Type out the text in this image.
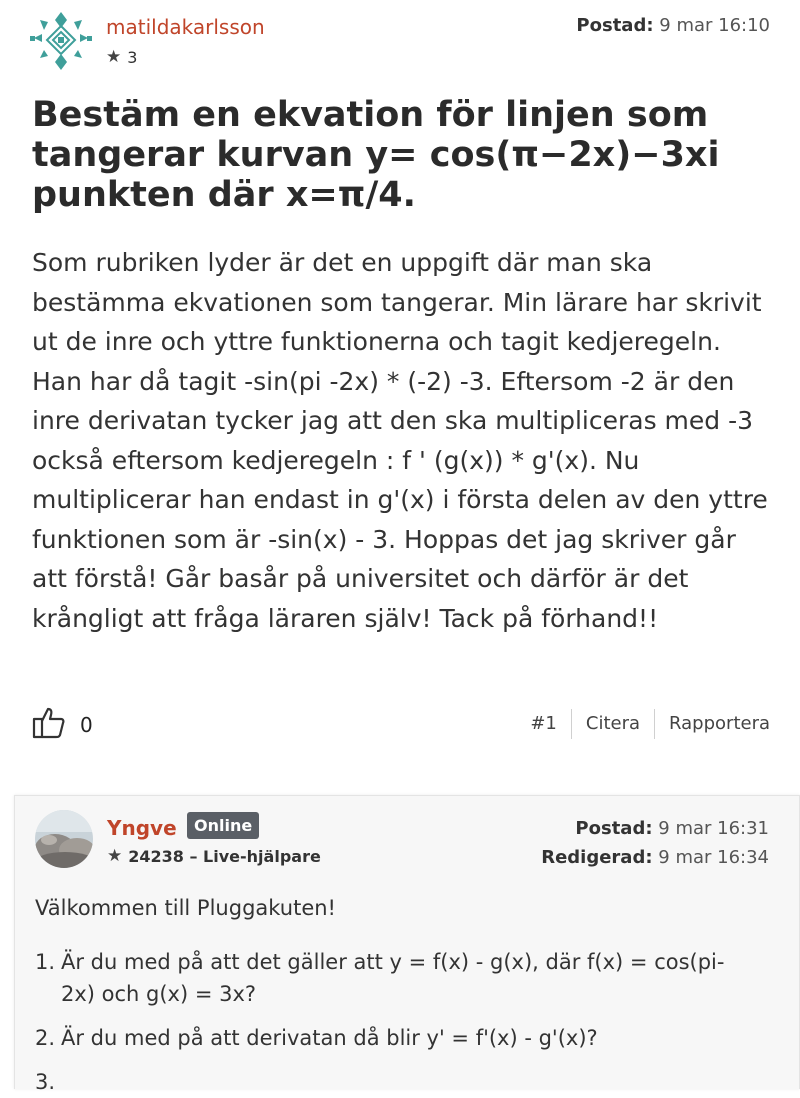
matildakarlsson
★ 3
Postad: 9 mar 16:10
Bestäm en ekvation för linjen som tangerar kurvan y= cos(π−2x)−3xi punkten där x=π/4.

Som rubriken lyder är det en uppgift där man ska bestämma ekvationen som tangerar. Min lärare har skrivit ut de inre och yttre funktionerna och tagit kedjeregeln. Han har då tagit -sin(pi -2x) * (-2) -3. Eftersom -2 är den inre derivatan tycker jag att den ska multipliceras med -3 också eftersom kedjeregeln : f ' (g(x)) * g'(x). Nu multiplicerar han endast in g'(x) i första delen av den yttre funktionen som är -sin(x) - 3. Hoppas det jag skriver går att förstå! Går basår på universitet och därför är det krångligt att fråga läraren själv! Tack på förhand!!

0	#1	Citera	Rapportera
Yngve	Online
★ 24238 – Live-hjälpare
Postad: 9 mar 16:31
Redigerad: 9 mar 16:34
Välkommen till Pluggakuten!
1. Är du med på att det gäller att y = f(x) - g(x), där f(x) = cos(pi-2x) och g(x) = 3x?
2. Är du med på att derivatan då blir y' = f'(x) - g'(x)?
3.
